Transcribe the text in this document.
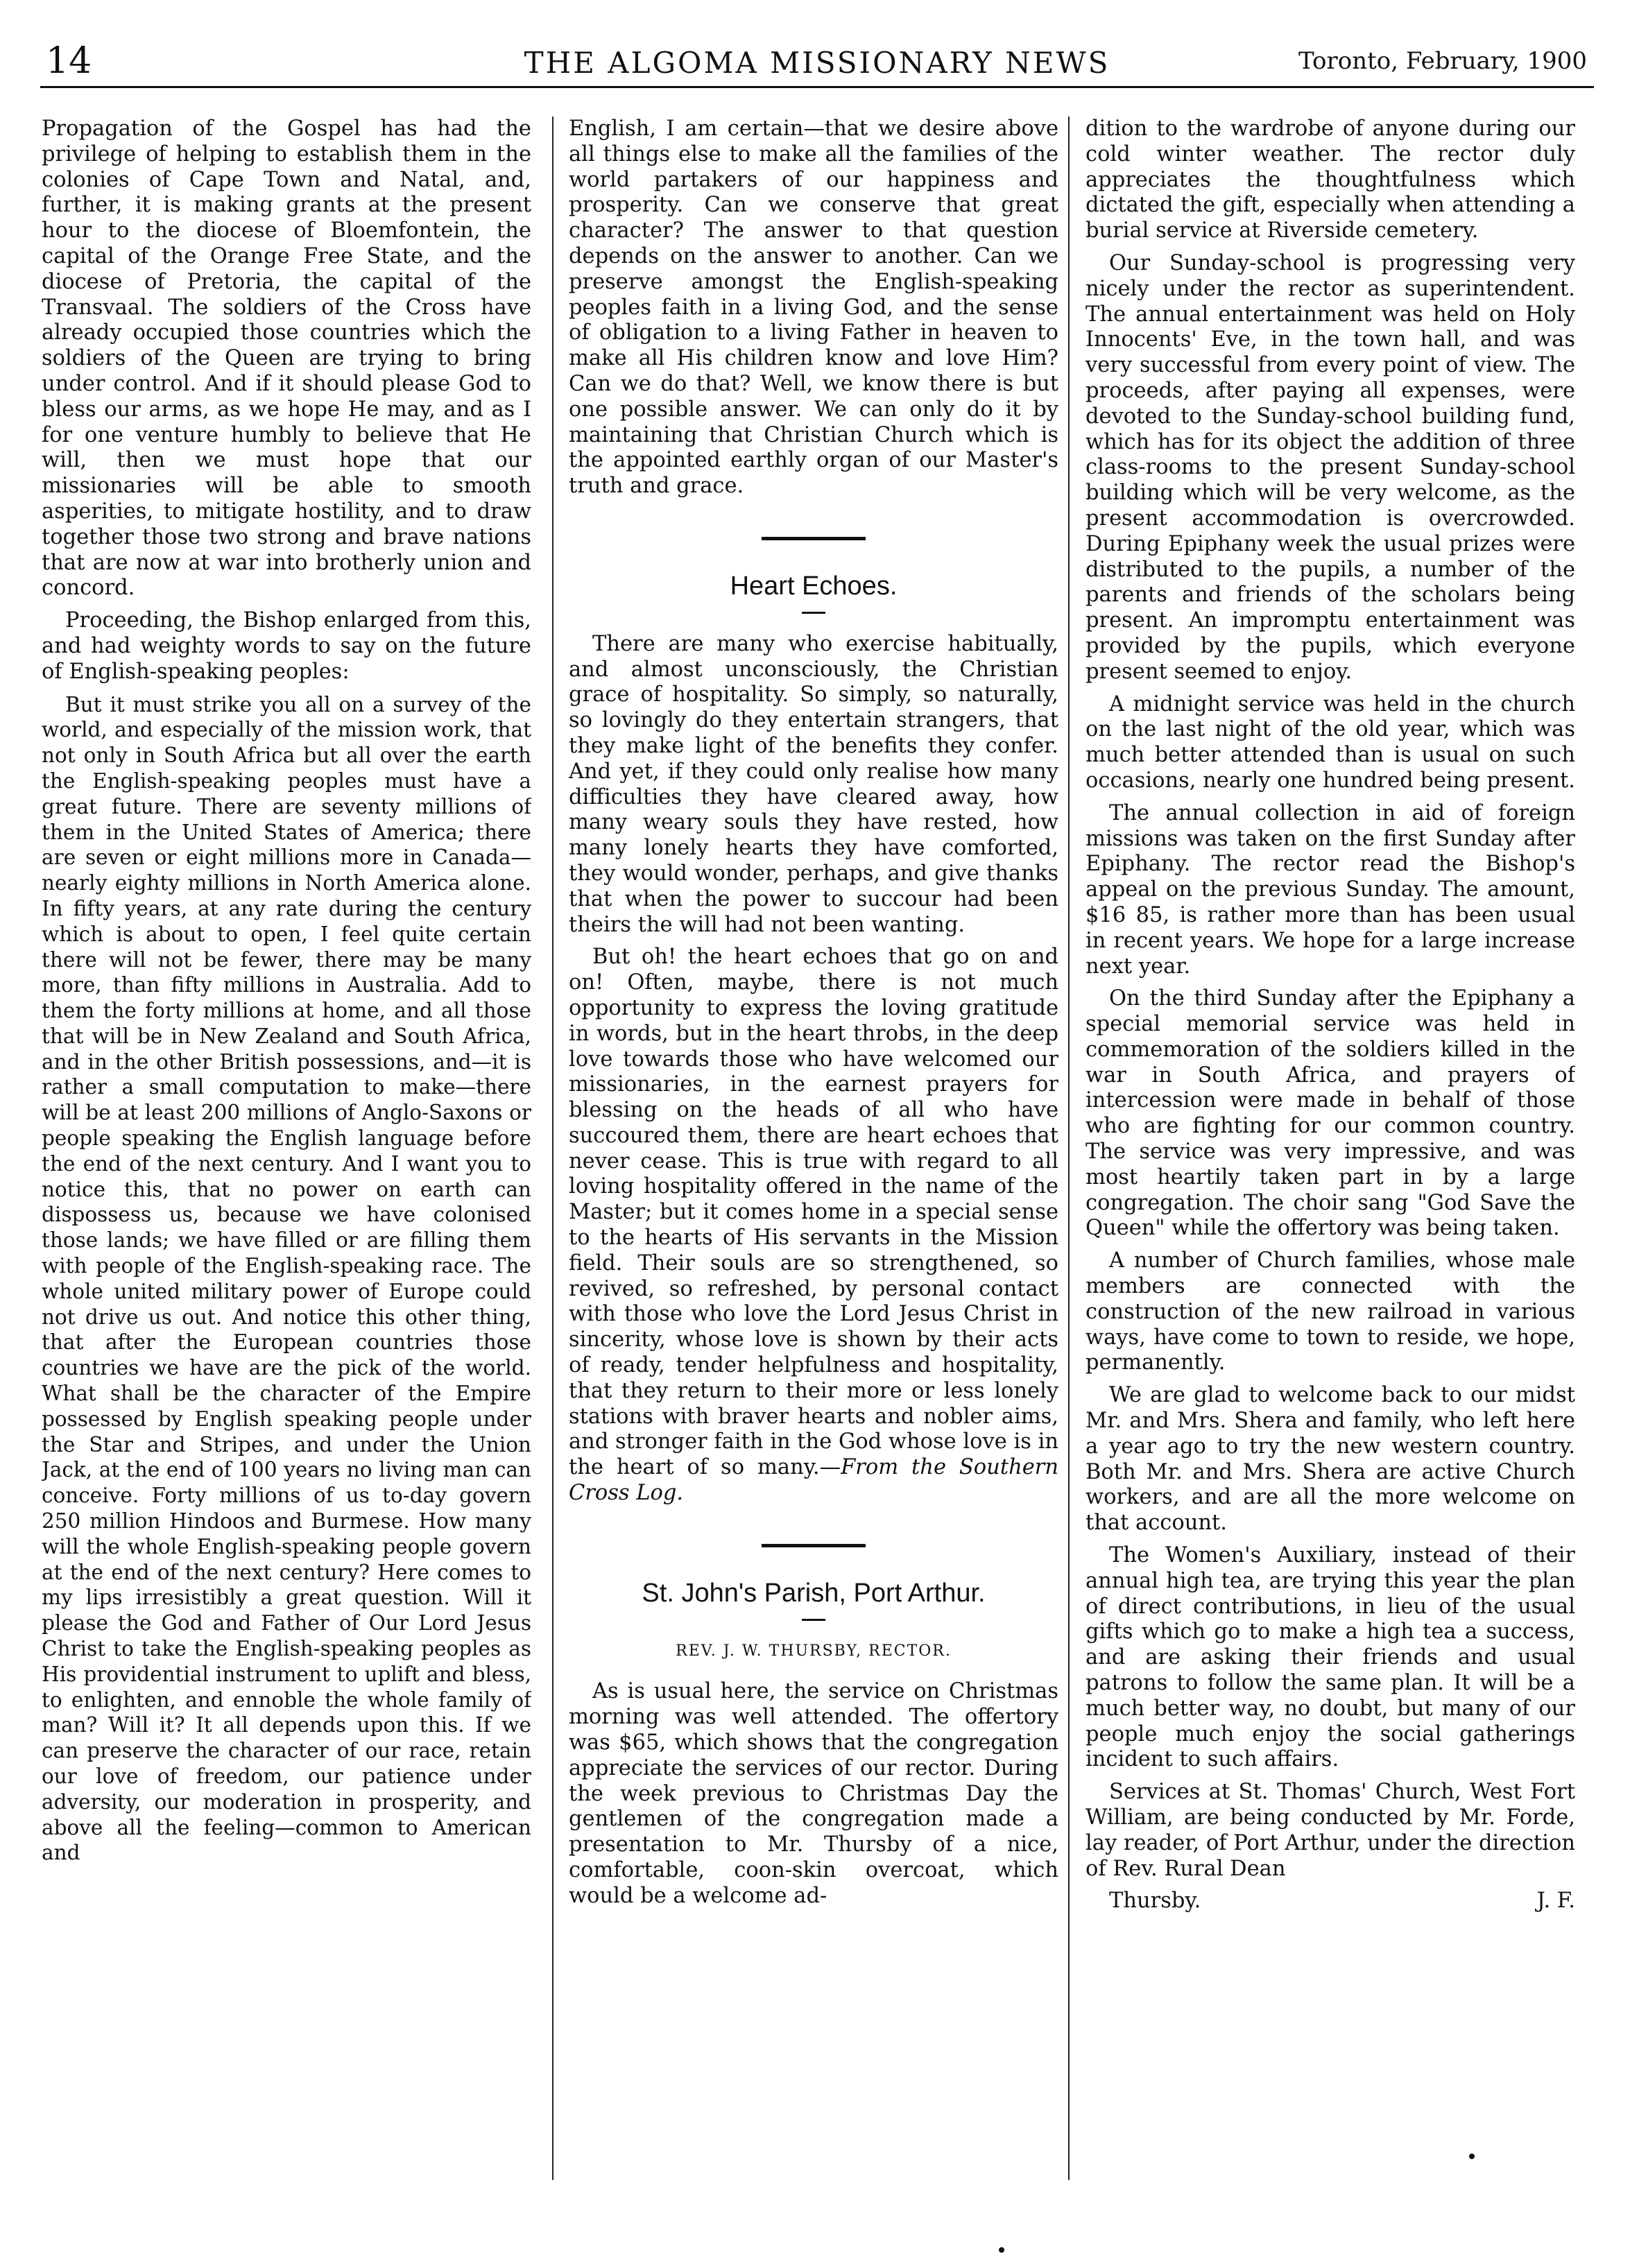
14	THE ALGOMA MISSIONARY NEWS	Toronto, February, 1900

Propagation of the Gospel has had the privilege of helping to establish them in the colonies of Cape Town and Natal, and, further, it is making grants at the present hour to the diocese of Bloemfontein, the capital of the Orange Free State, and the diocese of Pretoria, the capital of the Transvaal. The soldiers of the Cross have already occupied those countries which the soldiers of the Queen are trying to bring under control. And if it should please God to bless our arms, as we hope He may, and as I for one venture humbly to believe that He will, then we must hope that our missionaries will be able to smooth asperities, to mitigate hostility, and to draw together those two strong and brave nations that are now at war into brotherly union and concord.

Proceeding, the Bishop enlarged from this, and had weighty words to say on the future of English-speaking peoples:

But it must strike you all on a survey of the world, and especially of the mission work, that not only in South Africa but all over the earth the English-speaking peoples must have a great future. There are seventy millions of them in the United States of America; there are seven or eight millions more in Canada—nearly eighty millions in North America alone. In fifty years, at any rate during the century which is about to open, I feel quite certain there will not be fewer, there may be many more, than fifty millions in Australia. Add to them the forty millions at home, and all those that will be in New Zealand and South Africa, and in the other British possessions, and—it is rather a small computation to make—there will be at least 200 millions of Anglo-Saxons or people speaking the English language before the end of the next century. And I want you to notice this, that no power on earth can dispossess us, because we have colonised those lands; we have filled or are filling them with people of the English-speaking race. The whole united military power of Europe could not drive us out. And notice this other thing, that after the European countries those countries we have are the pick of the world. What shall be the character of the Empire possessed by English speaking people under the Star and Stripes, and under the Union Jack, at the end of 100 years no living man can conceive. Forty millions of us to-day govern 250 million Hindoos and Burmese. How many will the whole English-speaking people govern at the end of the next century? Here comes to my lips irresistibly a great question. Will it please the God and Father of Our Lord Jesus Christ to take the English-speaking peoples as His providential instrument to uplift and bless, to enlighten, and ennoble the whole family of man? Will it? It all depends upon this. If we can preserve the character of our race, retain our love of freedom, our patience under adversity, our moderation in prosperity, and above all the feeling—common to American and

English, I am certain—that we desire above all things else to make all the families of the world partakers of our happiness and prosperity. Can we conserve that great character? The answer to that question depends on the answer to another. Can we preserve amongst the English-speaking peoples faith in a living God, and the sense of obligation to a living Father in heaven to make all His children know and love Him? Can we do that? Well, we know there is but one possible answer. We can only do it by maintaining that Christian Church which is the appointed earthly organ of our Master's truth and grace.

Heart Echoes.

There are many who exercise habitually, and almost unconsciously, the Christian grace of hospitality. So simply, so naturally, so lovingly do they entertain strangers, that they make light of the benefits they confer. And yet, if they could only realise how many difficulties they have cleared away, how many weary souls they have rested, how many lonely hearts they have comforted, they would wonder, perhaps, and give thanks that when the power to succour had been theirs the will had not been wanting.

But oh! the heart echoes that go on and on! Often, maybe, there is not much opportunity to express the loving gratitude in words, but in the heart throbs, in the deep love towards those who have welcomed our missionaries, in the earnest prayers for blessing on the heads of all who have succoured them, there are heart echoes that never cease. This is true with regard to all loving hospitality offered in the name of the Master; but it comes home in a special sense to the hearts of His servants in the Mission field. Their souls are so strengthened, so revived, so refreshed, by personal contact with those who love the Lord Jesus Christ in sincerity, whose love is shown by their acts of ready, tender helpfulness and hospitality, that they return to their more or less lonely stations with braver hearts and nobler aims, and stronger faith in the God whose love is in the heart of so many.—From the Southern Cross Log.

St. John's Parish, Port Arthur.
REV. J. W. THURSBY, RECTOR.

As is usual here, the service on Christmas morning was well attended. The offertory was $65, which shows that the congregation appreciate the services of our rector. During the week previous to Christmas Day the gentlemen of the congregation made a presentation to Mr. Thursby of a nice, comfortable, coon-skin overcoat, which would be a welcome ad-

dition to the wardrobe of anyone during our cold winter weather. The rector duly appreciates the thoughtfulness which dictated the gift, especially when attending a burial service at Riverside cemetery.

Our Sunday-school is progressing very nicely under the rector as superintendent. The annual entertainment was held on Holy Innocents' Eve, in the town hall, and was very successful from every point of view. The proceeds, after paying all expenses, were devoted to the Sunday-school building fund, which has for its object the addition of three class-rooms to the present Sunday-school building which will be very welcome, as the present accommodation is overcrowded. During Epiphany week the usual prizes were distributed to the pupils, a number of the parents and friends of the scholars being present. An impromptu entertainment was provided by the pupils, which everyone present seemed to enjoy.

A midnight service was held in the church on the last night of the old year, which was much better attended than is usual on such occasions, nearly one hundred being present.

The annual collection in aid of foreign missions was taken on the first Sunday after Epiphany. The rector read the Bishop's appeal on the previous Sunday. The amount, $16 85, is rather more than has been usual in recent years. We hope for a large increase next year.

On the third Sunday after the Epiphany a special memorial service was held in commemoration of the soldiers killed in the war in South Africa, and prayers of intercession were made in behalf of those who are fighting for our common country. The service was very impressive, and was most heartily taken part in by a large congregation. The choir sang "God Save the Queen" while the offertory was being taken.

A number of Church families, whose male members are connected with the construction of the new railroad in various ways, have come to town to reside, we hope, permanently.

We are glad to welcome back to our midst Mr. and Mrs. Shera and family, who left here a year ago to try the new western country. Both Mr. and Mrs. Shera are active Church workers, and are all the more welcome on that account.

The Women's Auxiliary, instead of their annual high tea, are trying this year the plan of direct contributions, in lieu of the usual gifts which go to make a high tea a success, and are asking their friends and usual patrons to follow the same plan. It will be a much better way, no doubt, but many of our people much enjoy the social gatherings incident to such affairs.

Services at St. Thomas' Church, West Fort William, are being conducted by Mr. Forde, lay reader, of Port Arthur, under the direction of Rev. Rural Dean

Thursby.	J. F.
